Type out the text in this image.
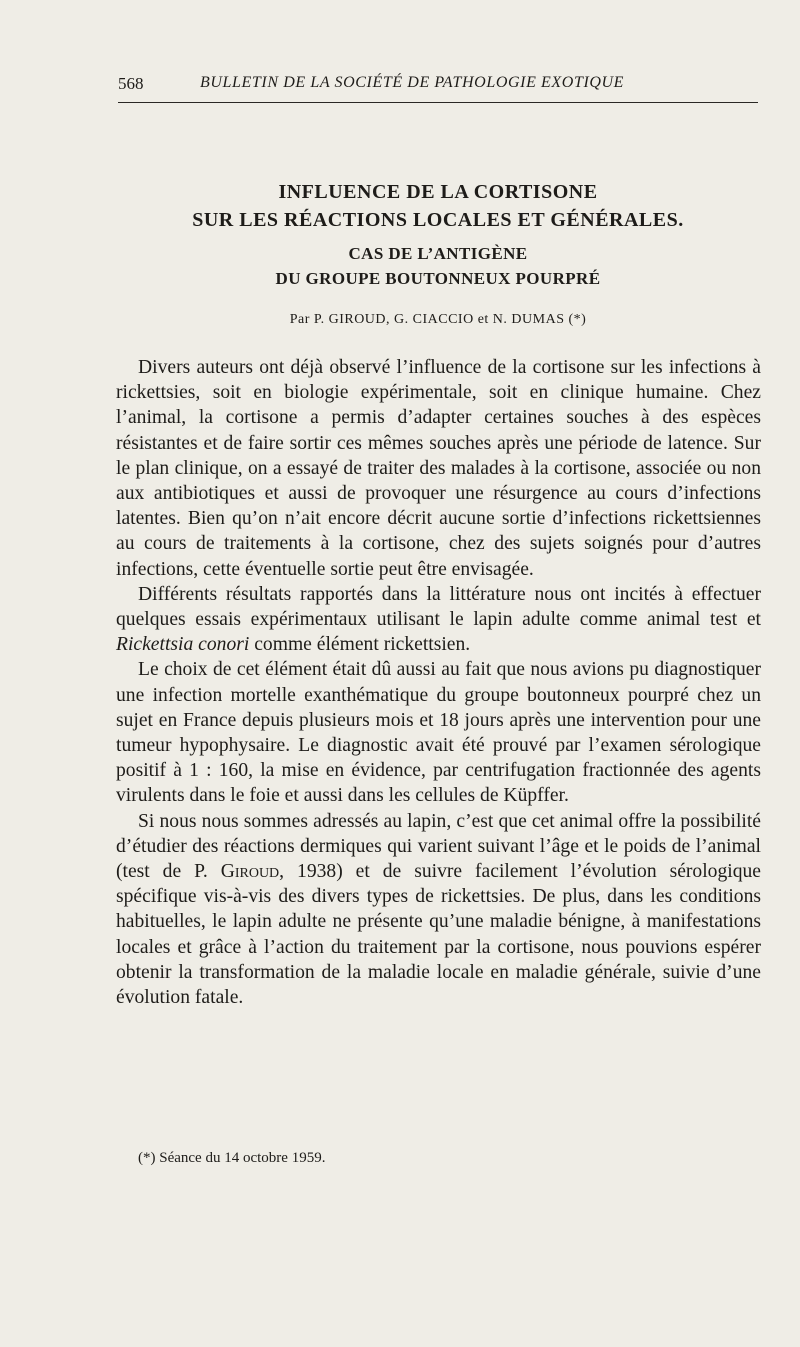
568	BULLETIN DE LA SOCIÉTÉ DE PATHOLOGIE EXOTIQUE
INFLUENCE DE LA CORTISONE
SUR LES RÉACTIONS LOCALES ET GÉNÉRALES.
CAS DE L’ANTIGÈNE
DU GROUPE BOUTONNEUX POURPRÉ
Par P. GIROUD, G. CIACCIO et N. DUMAS (*)

Divers auteurs ont déjà observé l’influence de la cortisone sur les infections à rickettsies, soit en biologie expérimentale, soit en clinique humaine. Chez l’animal, la cortisone a permis d’adapter certaines souches à des espèces résistantes et de faire sortir ces mêmes souches après une période de latence. Sur le plan clinique, on a essayé de traiter des malades à la cortisone, associée ou non aux antibiotiques et aussi de provoquer une résurgence au cours d’infections latentes. Bien qu’on n’ait encore décrit aucune sortie d’infections rickettsiennes au cours de traitements à la cortisone, chez des sujets soignés pour d’autres infections, cette éventuelle sortie peut être envisagée.

Différents résultats rapportés dans la littérature nous ont incités à effectuer quelques essais expérimentaux utilisant le lapin adulte comme animal test et Rickettsia conori comme élément rickettsien.

Le choix de cet élément était dû aussi au fait que nous avions pu diagnostiquer une infection mortelle exanthématique du groupe boutonneux pourpré chez un sujet en France depuis plusieurs mois et 18 jours après une intervention pour une tumeur hypophysaire. Le diagnostic avait été prouvé par l’examen sérologique positif à 1 : 160, la mise en évidence, par centrifugation fractionnée des agents virulents dans le foie et aussi dans les cellules de Küpffer.

Si nous nous sommes adressés au lapin, c’est que cet animal offre la possibilité d’étudier des réactions dermiques qui varient suivant l’âge et le poids de l’animal (test de P. Giroud, 1938) et de suivre facilement l’évolution sérologique spécifique vis-à-vis des divers types de rickettsies. De plus, dans les conditions habituelles, le lapin adulte ne présente qu’une maladie bénigne, à manifestations locales et grâce à l’action du traitement par la cortisone, nous pouvions espérer obtenir la transformation de la maladie locale en maladie générale, suivie d’une évolution fatale.

(*) Séance du 14 octobre 1959.
